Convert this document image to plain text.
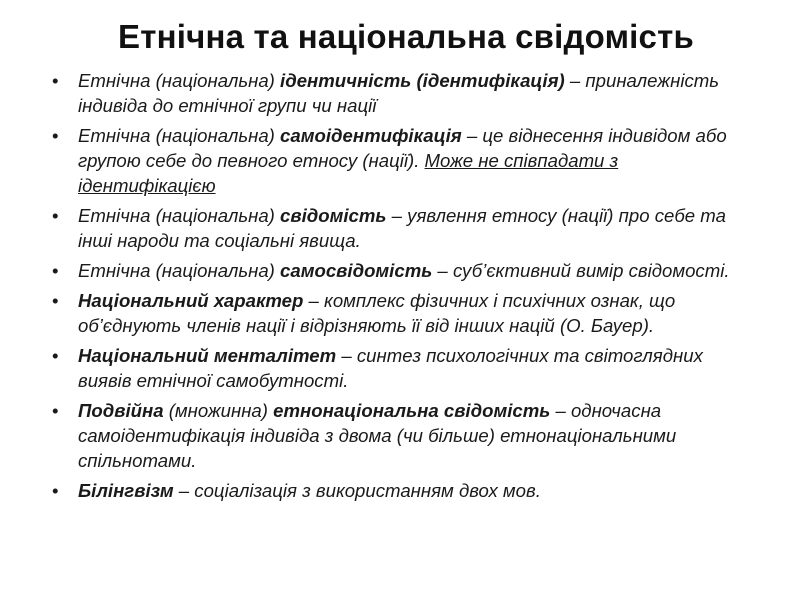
Етнічна та національна свідомість
• Етнічна (національна) ідентичність (ідентифікація) – приналежність індивіда до етнічної групи чи нації
• Етнічна (національна) самоідентифікація – це віднесення індивідом або групою себе до певного етносу (нації). Може не співпадати з ідентифікацією
• Етнічна (національна) свідомість – уявлення етносу (нації) про себе та інші народи та соціальні явища.
• Етнічна (національна) самосвідомість – суб’єктивний вимір свідомості.
• Національний характер – комплекс фізичних і психічних ознак, що об’єднують членів нації і відрізняють її від інших націй (О. Бауер).
• Національний менталітет – синтез психологічних та світоглядних виявів етнічної самобутності.
• Подвійна (множинна) етнонаціональна свідомість – одночасна самоідентифікація індивіда з двома (чи більше) етнонаціональними спільнотами.
• Білінгвізм – соціалізація з використанням двох мов.
